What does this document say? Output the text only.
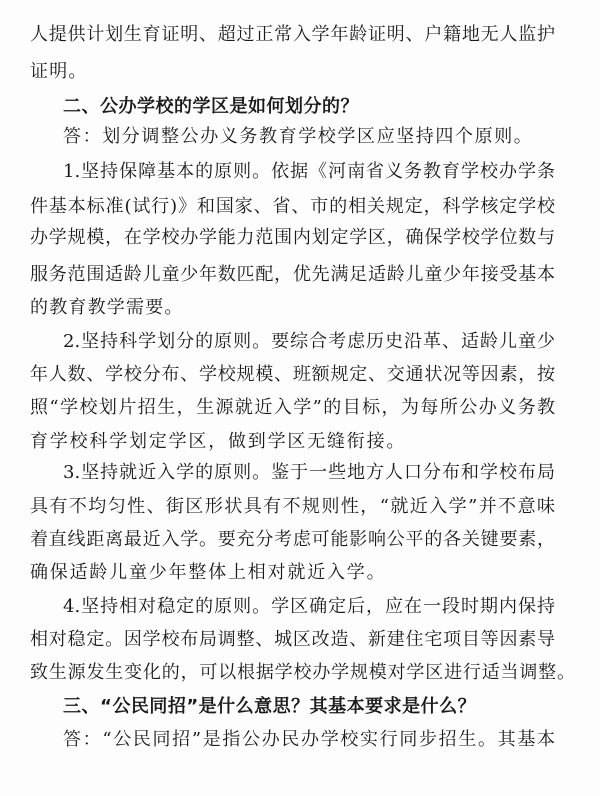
人提供计划生育证明、超过正常入学年龄证明、户籍地无人监护
证明。
二、公办学校的学区是如何划分的？
答：划分调整公办义务教育学校学区应坚持四个原则。
1.坚持保障基本的原则。依据《河南省义务教育学校办学条
件基本标准(试行)》和国家、省、市的相关规定，科学核定学校
办学规模，在学校办学能力范围内划定学区，确保学校学位数与
服务范围适龄儿童少年数匹配，优先满足适龄儿童少年接受基本
的教育教学需要。
2.坚持科学划分的原则。要综合考虑历史沿革、适龄儿童少
年人数、学校分布、学校规模、班额规定、交通状况等因素，按
照“学校划片招生，生源就近入学”的目标，为每所公办义务教
育学校科学划定学区，做到学区无缝衔接。
3.坚持就近入学的原则。鉴于一些地方人口分布和学校布局
具有不均匀性、街区形状具有不规则性，“就近入学”并不意味
着直线距离最近入学。要充分考虑可能影响公平的各关键要素，
确保适龄儿童少年整体上相对就近入学。
4.坚持相对稳定的原则。学区确定后，应在一段时期内保持
相对稳定。因学校布局调整、城区改造、新建住宅项目等因素导
致生源发生变化的，可以根据学校办学规模对学区进行适当调整。
三、“公民同招”是什么意思？其基本要求是什么？
答：“公民同招”是指公办民办学校实行同步招生。其基本
